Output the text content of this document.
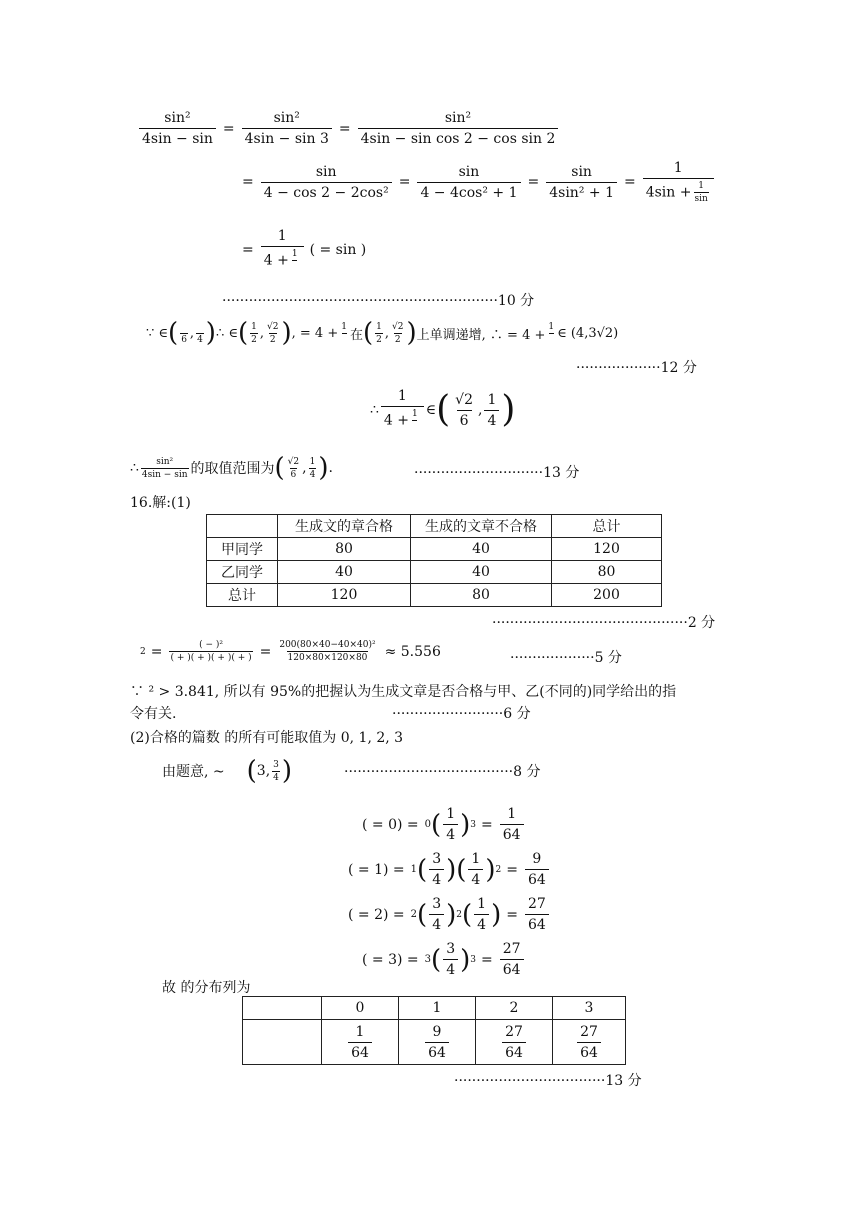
$\frac{\text{sin²}}{4\sin - \sin} = \frac{\text{sin²}}{4\sin - \sin 3} = \frac{\text{sin²}}{\text{4sin − sin cos 2 − cos sin 2}}$
= $\frac{\sin}{\text{4 − cos 2 − 2cos²}} = \frac{\sin}{\text{4 − 4cos² + 1}} = \frac{\sin}{\text{4sin² + 1}} = \frac{1}{4\sin + \frac{1}{\sin}}$
= $\frac{1}{4 + 1}$
( = sin )
······························································10 分
∵ ∈ (
6 ,
4 ) ∴ ∈ ( $\frac{1}{2}$ , $\frac{√2}{2}$ ) , = 4 + 1

在 ( $\frac{1}{2}$ , $\frac{√2}{2}$ ) 上单调递增, ∴ = 4 +
1
∈ (4,3√2)
···················12 分
∴ $\frac{1}{4 + 1}$
∈ ( $\frac{√2}{6}$ , $\frac{1}{4}$ )
∴ $\frac{\text{sin²}}{4\sin - \sin}$ 的取值范围为 ( $\frac{√2}{6}$ , $\frac{1}{4}$ ) .	·····························13 分
16.解:(1)
	生成文的章合格	生成的文章不合格	总计
甲同学	80	40	120
乙同学	40	40	80
总计	120	80	200
············································2 分
$2 = \frac{\text{( − )²}}{( + )( + )( + )( + )} = \frac{\text{200(80×40−40×40)²}}{120\times 80\times 120\times 80} \approx 5.556$	···················5 分
∵ ² > 3.841, 所以有 95%的把握认为生成文章是否合格与甲、乙(不同的)同学给出的指
令有关.	·························6 分
(2)合格的篇数 的所有可能取值为 0, 1, 2, 3
由题意, ~ ( 3, $\frac{3}{4}$ )	······································8 分
( = 0) = 0 ( $\frac{1}{4}$ ) $3 = \frac{1}{64}$
( = 1) = 1 ( $\frac{3}{4}$ ) ( $\frac{1}{4}$ ) $2 = \frac{9}{64}$
( = 2) = 2 ( $\frac{3}{4}$ ) 2 ( $\frac{1}{4}$ ) = $\frac{27}{64}$
( = 3) = 3 ( $\frac{3}{4}$ ) $3 = \frac{27}{64}$
故 的分布列为
	0	1	2	3

	$\frac{1}{64}$	$\frac{9}{64}$	$\frac{27}{64}$	$\frac{27}{64}$
··································13 分
